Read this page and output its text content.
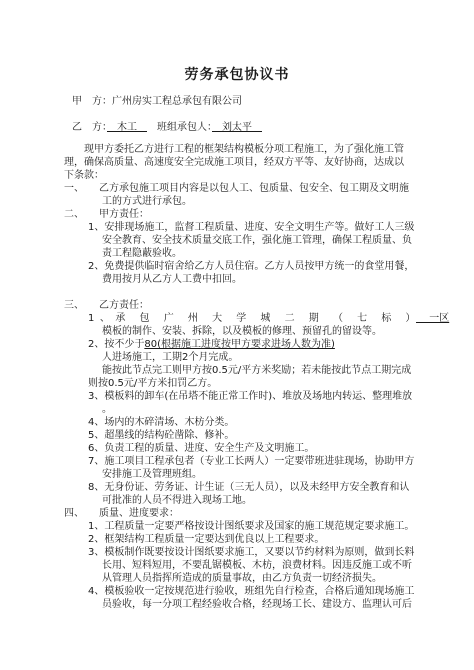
劳务承包协议书
甲　方：广州房实工程总承包有限公司
乙　方：　木工　班组承包人：　刘太平　
现甲方委托乙方进行工程的框架结构模板分项工程施工，为了强化施工管
理，确保高质量、高速度安全完成施工项目，经双方平等、友好协商，达成以
下条款：
一、　　乙方承包施工项目内容是以包人工、包质量、包安全、包工期及文明施
工的方式进行承包。
二、　　甲方责任：
1、安排现场施工，监督工程质量、进度、安全文明生产等。做好工人三级
安全教育、安全技术质量交底工作，强化施工管理，确保工程质量、负
责工程隐蔽验收。
2、免费提供临时宿舍给乙方人员住宿。乙方人员按甲方统一的食堂用餐，
费用按月从乙方人工费中扣回。
三、　　乙方责任：
1、承 包 广 州 大 学 城 二 期 （ 七 标 ）　 一区
模板的制作、安装、拆除，以及模板的修理、预留孔的留设等。
2、按不少于80(根据施工进度按甲方要求进场人数为准)
人进场施工，工期2个月完成。
能按此节点完工则甲方按0.5元/平方米奖励；若未能按此节点工期完成
则按0.5元/平方米扣罚乙方。
3、模板料的卸车(在吊塔不能正常工作时)、堆放及场地内转运、整理堆放
。
4、场内的木碎清场、木枋分类。
5、超墨线的结构砼凿除、修补。
6、负责工程的质量、进度、安全生产及文明施工。
7、施工项目工程承包者（专业工长两人）一定要带班进驻现场，协助甲方
安排施工及管理班组。
8、无身份证、劳务证、计生证（三无人员），以及未经甲方安全教育和认
可批准的人员不得进入现场工地。
四、　　质量、进度要求：
1、工程质量一定要严格按设计图纸要求及国家的施工规范规定要求施工。
2、框架结构工程质量一定要达到优良以上工程要求。
3、模板制作既要按设计图纸要求施工，又要以节约材料为原则，做到长料
长用、短料短用，不要乱锯模板、木枋，浪费材料。因违反施工或不听
从管理人员指挥所造成的质量事故，由乙方负责一切经济损失。
4、模板验收一定按规范进行验收，班组先自行检查，合格后通知现场施工
员验收，每一分项工程经验收合格，经现场工长、建设方、监理认可后
